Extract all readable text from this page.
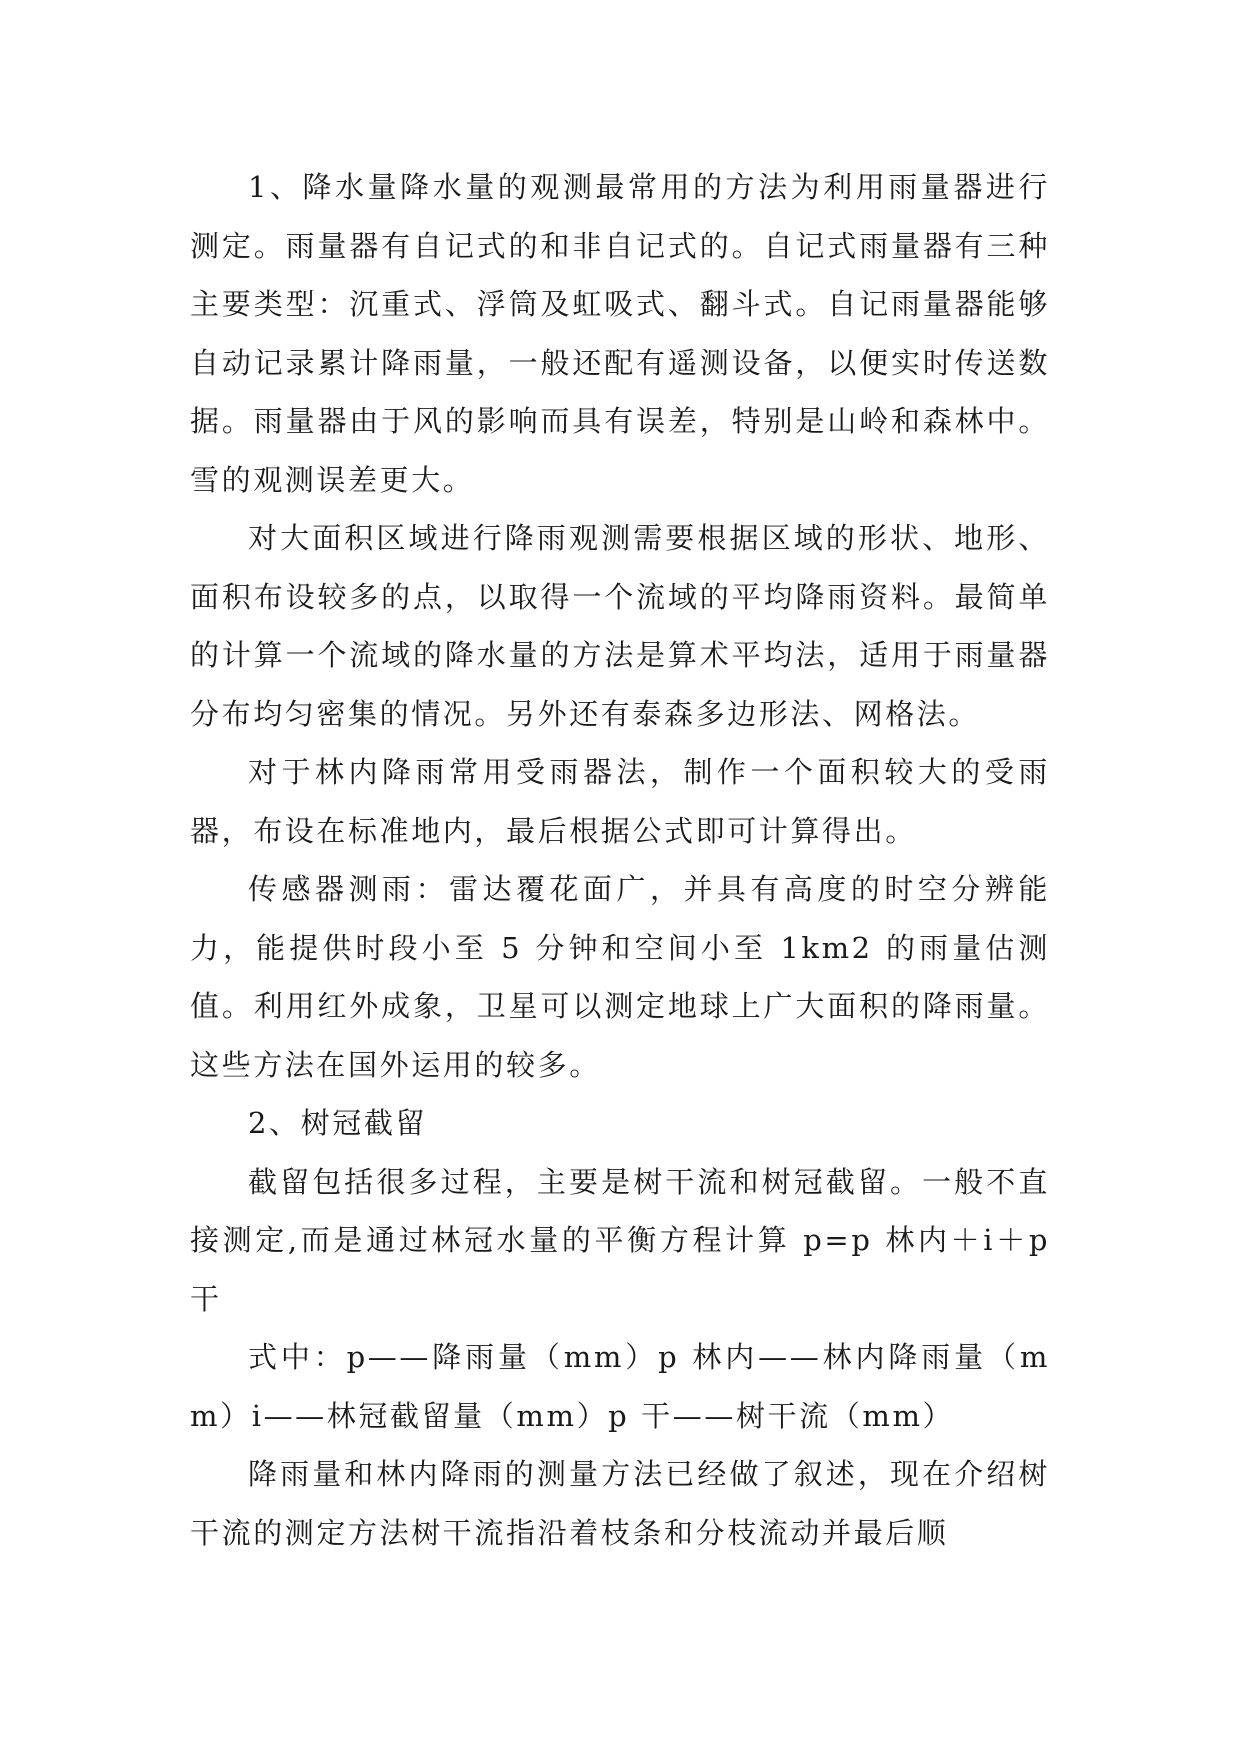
1、降水量降水量的观测最常用的方法为利用雨量器进行测定。雨量器有自记式的和非自记式的。自记式雨量器有三种主要类型：沉重式、浮筒及虹吸式、翻斗式。自记雨量器能够自动记录累计降雨量，一般还配有遥测设备，以便实时传送数据。雨量器由于风的影响而具有误差，特别是山岭和森林中。雪的观测误差更大。

对大面积区域进行降雨观测需要根据区域的形状、地形、面积布设较多的点，以取得一个流域的平均降雨资料。最简单的计算一个流域的降水量的方法是算术平均法，适用于雨量器分布均匀密集的情况。另外还有泰森多边形法、网格法。

对于林内降雨常用受雨器法，制作一个面积较大的受雨器，布设在标准地内，最后根据公式即可计算得出。

传感器测雨：雷达覆花面广，并具有高度的时空分辨能力，能提供时段小至 5 分钟和空间小至 1km2 的雨量估测值。利用红外成象，卫星可以测定地球上广大面积的降雨量。这些方法在国外运用的较多。

2、树冠截留

截留包括很多过程，主要是树干流和树冠截留。一般不直接测定,而是通过林冠水量的平衡方程计算 p=p 林内＋i＋p 干

式中：p——降雨量（mm）p 林内——林内降雨量（mm）i——林冠截留量（mm）p 干——树干流（mm）

降雨量和林内降雨的测量方法已经做了叙述，现在介绍树干流的测定方法树干流指沿着枝条和分枝流动并最后顺
